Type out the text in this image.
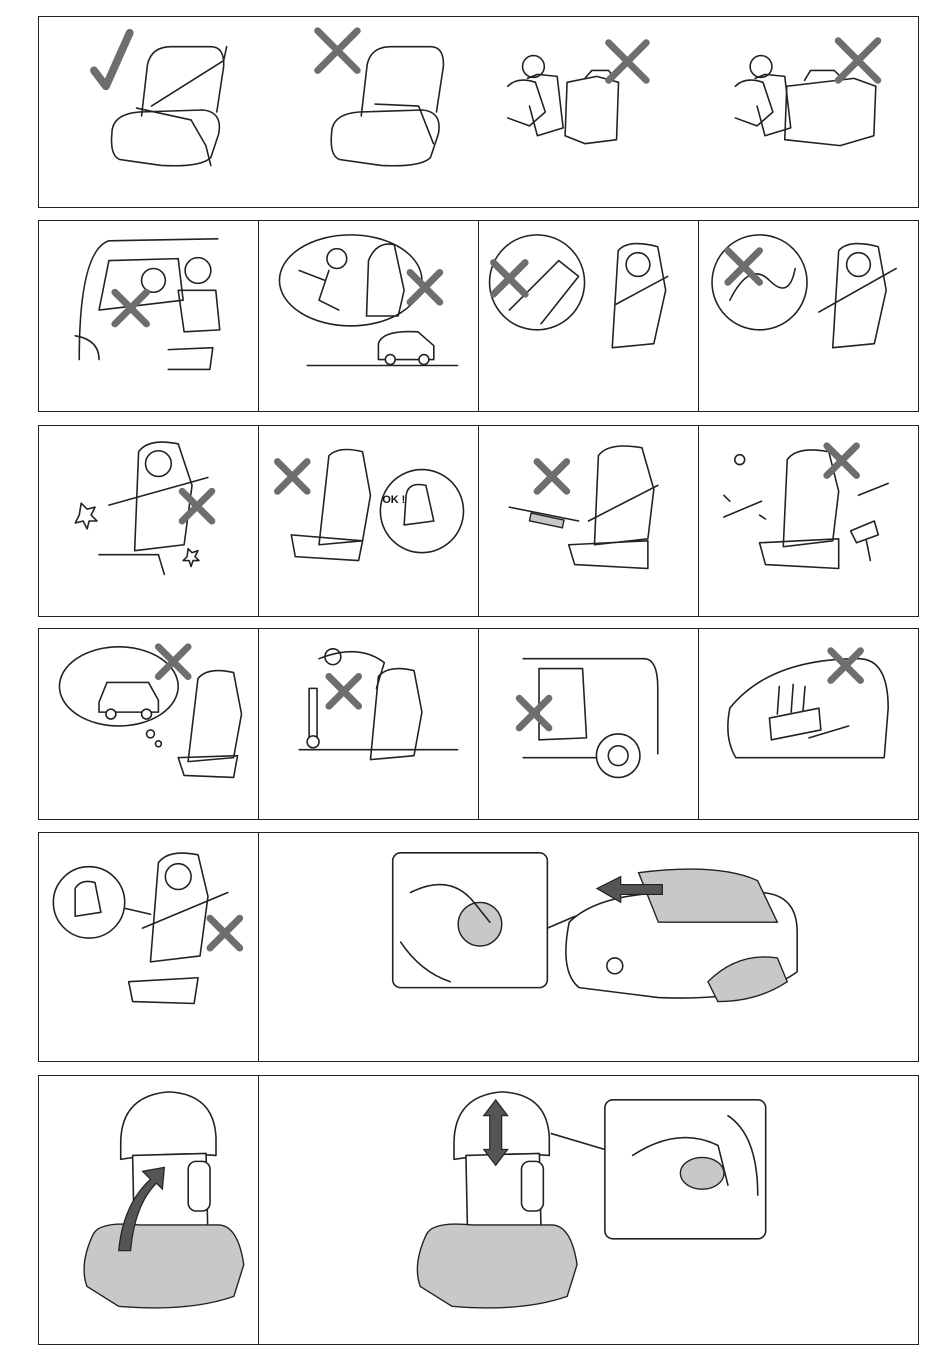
OK !
